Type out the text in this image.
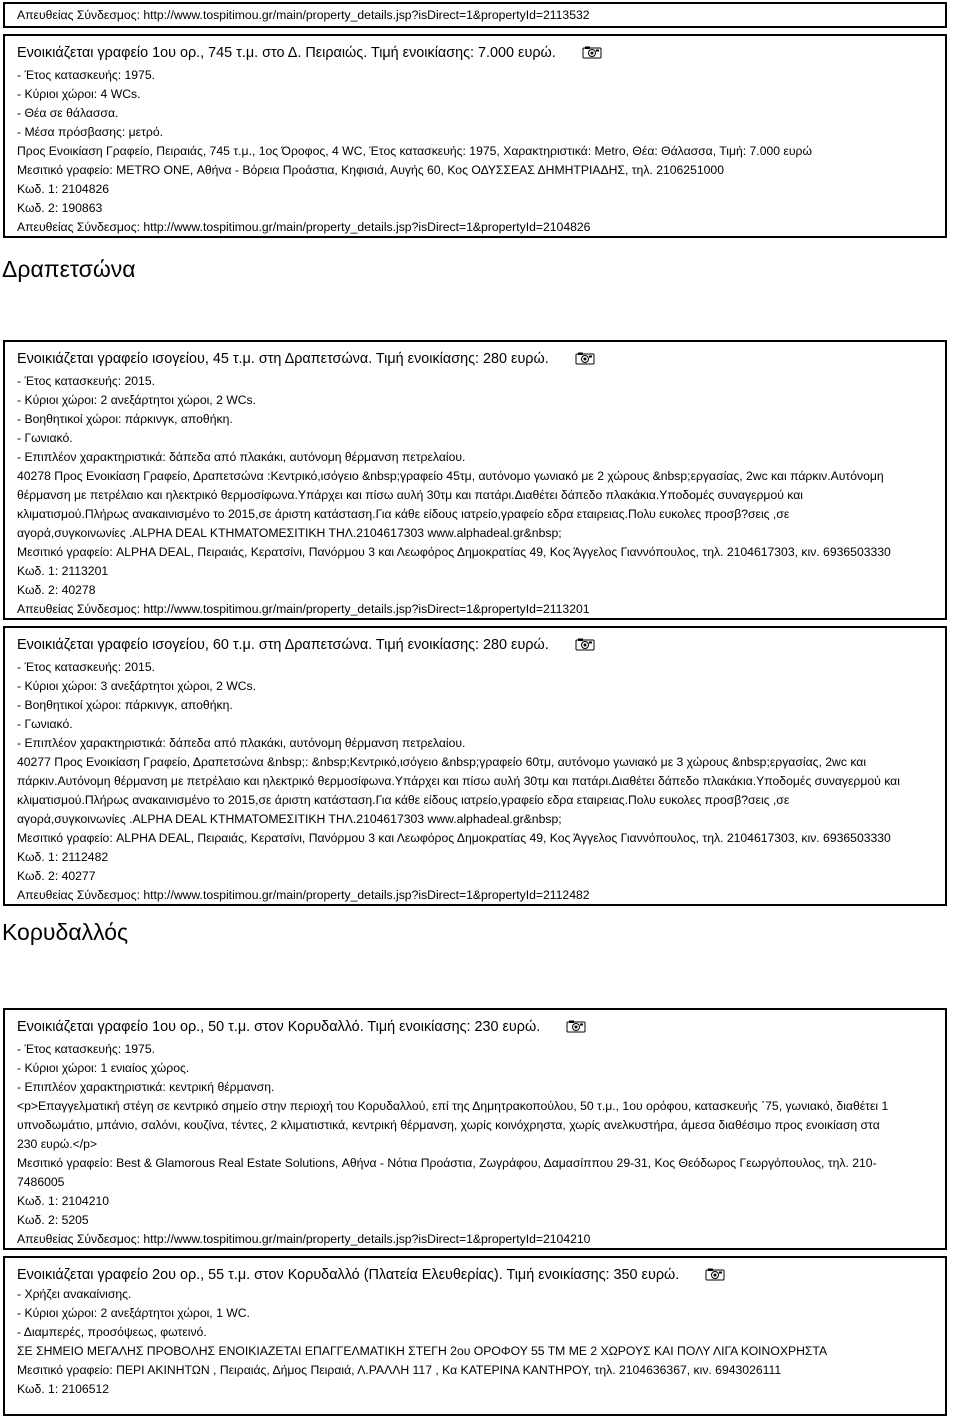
Απευθείας Σύνδεσμος: http://www.tospitimou.gr/main/property_details.jsp?isDirect=1&propertyId=2113532
Ενοικιάζεται γραφείο 1ου ορ., 745 τ.μ. στο Δ. Πειραιώς. Τιμή ενοικίασης: 7.000 ευρώ.
- Έτος κατασκευής: 1975.
- Κύριοι χώροι: 4 WCs.
- Θέα σε θάλασσα.
- Μέσα πρόσβασης: μετρό.
Προς Ενοικίαση Γραφείο, Πειραιάς, 745 τ.μ., 1ος Όροφος, 4 WC, Έτος κατασκευής: 1975, Χαρακτηριστικά: Metro, Θέα: Θάλασσα, Τιμή: 7.000 ευρώ
Μεσιτικό γραφείο: METRO ONE, Αθήνα - Βόρεια Προάστια, Κηφισιά, Αυγής 60, Κος ΟΔΥΣΣΕΑΣ ΔΗΜΗΤΡΙΑΔΗΣ, τηλ. 2106251000
Κωδ. 1: 2104826
Κωδ. 2: 190863
Απευθείας Σύνδεσμος: http://www.tospitimou.gr/main/property_details.jsp?isDirect=1&propertyId=2104826
Δραπετσώνα
Ενοικιάζεται γραφείο ισογείου, 45 τ.μ. στη Δραπετσώνα. Τιμή ενοικίασης: 280 ευρώ.
- Έτος κατασκευής: 2015.
- Κύριοι χώροι: 2 ανεξάρτητοι χώροι, 2 WCs.
- Βοηθητικοί χώροι: πάρκινγκ, αποθήκη.
- Γωνιακό.
- Επιπλέον χαρακτηριστικά: δάπεδα από πλακάκι, αυτόνομη θέρμανση πετρελαίου.
40278 Προς Ενοικίαση Γραφείο, Δραπετσώνα :Κεντρικό,ισόγειο &nbsp;γραφείο 45τμ, αυτόνομο γωνιακό με 2 χώρους &nbsp;εργασίας, 2wc και πάρκιν.Αυτόνομη
θέρμανση με πετρέλαιο και ηλεκτρικό θερμοσίφωνα.Υπάρχει και πίσω αυλή 30τμ και πατάρι.Διαθέτει δάπεδο πλακάκια.Υποδομές συναγερμού και
κλιματισμού.Πλήρως ανακαινισμένο το 2015,σε άριστη κατάσταση.Για κάθε είδους ιατρείο,γραφείο εδρα εταιρειας.Πολυ ευκολες προσβ?σεις ,σε
αγορά,συγκοινωνίες .ALPHA DEAL ΚΤΗΜΑΤΟΜΕΣΙΤΙΚΗ ΤΗΛ.2104617303 www.alphadeal.gr&nbsp;
Μεσιτικό γραφείο: ALPHA DEAL, Πειραιάς, Κερατσίνι, Πανόρμου 3 και Λεωφόρος Δημοκρατίας 49, Κος Άγγελος Γιαννόπουλος, τηλ. 2104617303, κιν. 6936503330
Κωδ. 1: 2113201
Κωδ. 2: 40278
Απευθείας Σύνδεσμος: http://www.tospitimou.gr/main/property_details.jsp?isDirect=1&propertyId=2113201
Ενοικιάζεται γραφείο ισογείου, 60 τ.μ. στη Δραπετσώνα. Τιμή ενοικίασης: 280 ευρώ.
- Έτος κατασκευής: 2015.
- Κύριοι χώροι: 3 ανεξάρτητοι χώροι, 2 WCs.
- Βοηθητικοί χώροι: πάρκινγκ, αποθήκη.
- Γωνιακό.
- Επιπλέον χαρακτηριστικά: δάπεδα από πλακάκι, αυτόνομη θέρμανση πετρελαίου.
40277 Προς Ενοικίαση Γραφείο, Δραπετσώνα &nbsp;: &nbsp;Κεντρικό,ισόγειο &nbsp;γραφείο 60τμ, αυτόνομο γωνιακό με 3 χώρους &nbsp;εργασίας, 2wc και
πάρκιν.Αυτόνομη θέρμανση με πετρέλαιο και ηλεκτρικό θερμοσίφωνα.Υπάρχει και πίσω αυλή 30τμ και πατάρι.Διαθέτει δάπεδο πλακάκια.Υποδομές συναγερμού και
κλιματισμού.Πλήρως ανακαινισμένο το 2015,σε άριστη κατάσταση.Για κάθε είδους ιατρείο,γραφείο εδρα εταιρειας.Πολυ ευκολες προσβ?σεις ,σε
αγορά,συγκοινωνίες .ALPHA DEAL ΚΤΗΜΑΤΟΜΕΣΙΤΙΚΗ ΤΗΛ.2104617303 www.alphadeal.gr&nbsp;
Μεσιτικό γραφείο: ALPHA DEAL, Πειραιάς, Κερατσίνι, Πανόρμου 3 και Λεωφόρος Δημοκρατίας 49, Κος Άγγελος Γιαννόπουλος, τηλ. 2104617303, κιν. 6936503330
Κωδ. 1: 2112482
Κωδ. 2: 40277
Απευθείας Σύνδεσμος: http://www.tospitimou.gr/main/property_details.jsp?isDirect=1&propertyId=2112482
Κορυδαλλός
Ενοικιάζεται γραφείο 1ου ορ., 50 τ.μ. στον Κορυδαλλό. Τιμή ενοικίασης: 230 ευρώ.
- Έτος κατασκευής: 1975.
- Κύριοι χώροι: 1 ενιαίος χώρος.
- Επιπλέον χαρακτηριστικά: κεντρική θέρμανση.
<p>Επαγγελματική στέγη σε κεντρικό σημείο στην περιοχή του Κορυδαλλού, επί της Δημητρακοπούλου, 50 τ.μ., 1ου ορόφου, κατασκευής ΄75, γωνιακό, διαθέτει 1
υπνοδωμάτιο, μπάνιο, σαλόνι, κουζίνα, τέντες, 2 κλιματιστικά, κεντρική θέρμανση, χωρίς κοινόχρηστα, χωρίς ανελκυστήρα, άμεσα διαθέσιμο προς ενοικίαση στα
230 ευρώ.</p>
Μεσιτικό γραφείο: Best & Glamorous Real Estate Solutions, Αθήνα - Νότια Προάστια, Ζωγράφου, Δαμασίππου 29-31, Κος Θεόδωρος Γεωργόπουλος, τηλ. 210-
7486005
Κωδ. 1: 2104210
Κωδ. 2: 5205
Απευθείας Σύνδεσμος: http://www.tospitimou.gr/main/property_details.jsp?isDirect=1&propertyId=2104210
Ενοικιάζεται γραφείο 2ου ορ., 55 τ.μ. στον Κορυδαλλό (Πλατεία Ελευθερίας). Τιμή ενοικίασης: 350 ευρώ.
- Χρήζει ανακαίνισης.
- Κύριοι χώροι: 2 ανεξάρτητοι χώροι, 1 WC.
- Διαμπερές, προσόψεως, φωτεινό.
ΣΕ ΣΗΜΕΙΟ ΜΕΓΑΛΗΣ ΠΡΟΒΟΛΗΣ ΕΝΟΙΚΙΑΖΕΤΑΙ ΕΠΑΓΓΕΛΜΑΤΙΚΗ ΣΤΕΓΗ 2ου ΟΡΟΦΟΥ 55 ΤΜ ΜΕ 2 ΧΩΡΟΥΣ ΚΑΙ ΠΟΛΥ ΛΙΓΑ ΚΟΙΝΟΧΡΗΣΤΑ
Μεσιτικό γραφείο: ΠΕΡΙ ΑΚΙΝΗΤΩΝ , Πειραιάς, Δήμος Πειραιά, Λ.ΡΑΛΛΗ 117 , Κα ΚΑΤΕΡΙΝΑ ΚΑΝΤΗΡΟΥ, τηλ. 2104636367, κιν. 6943026111
Κωδ. 1: 2106512
